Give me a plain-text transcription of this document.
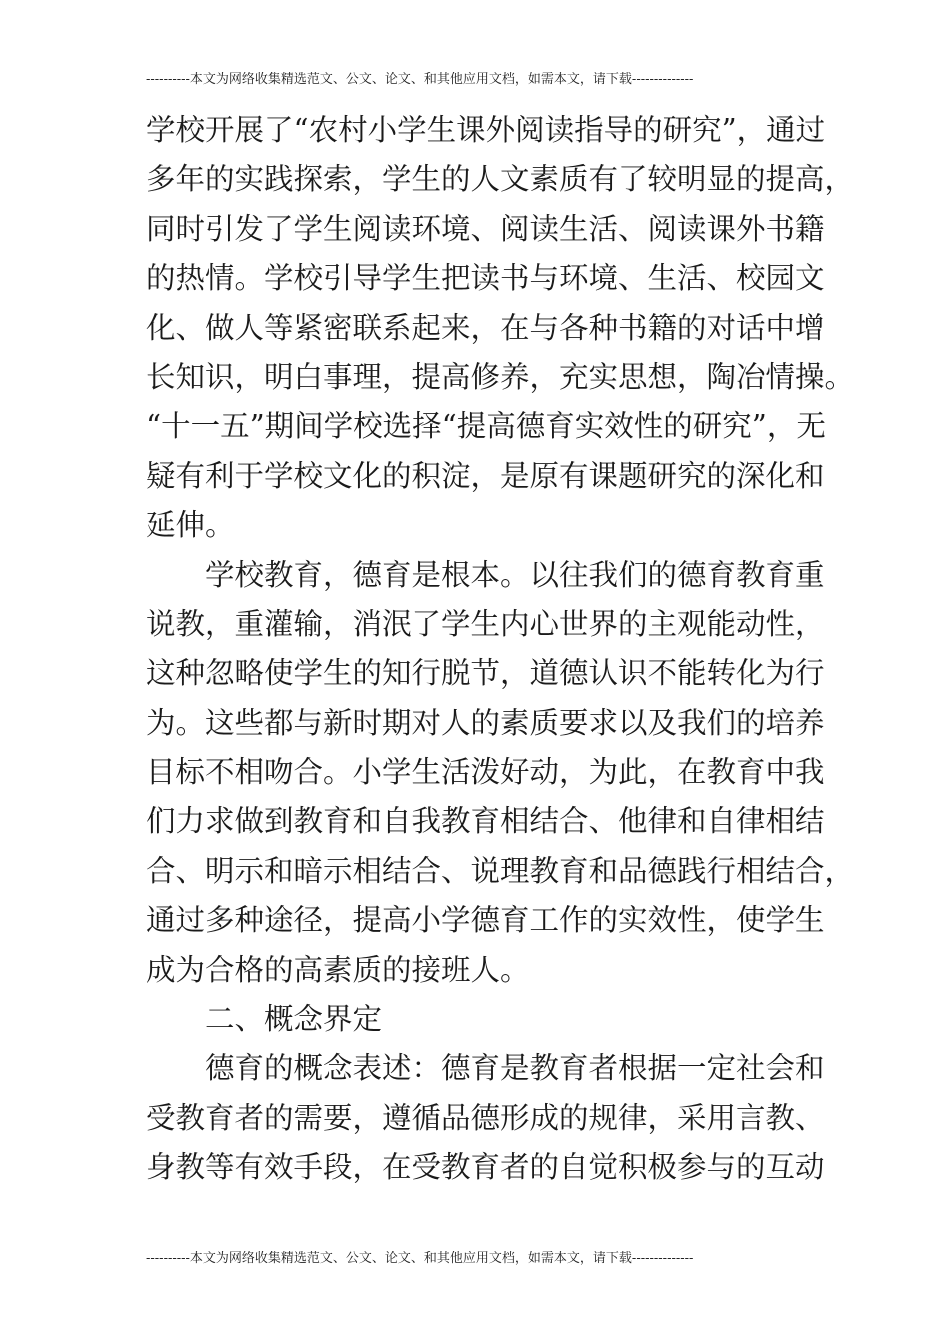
----------本文为网络收集精选范文、公文、论文、和其他应用文档，如需本文，请下载--------------
学校开展了“农村小学生课外阅读指导的研究”，通过
多年的实践探索，学生的人文素质有了较明显的提高，
同时引发了学生阅读环境、阅读生活、阅读课外书籍
的热情。学校引导学生把读书与环境、生活、校园文
化、做人等紧密联系起来，在与各种书籍的对话中增
长知识，明白事理，提高修养，充实思想，陶冶情操。
“十一五”期间学校选择“提高德育实效性的研究”，无
疑有利于学校文化的积淀，是原有课题研究的深化和
延伸。
学校教育，德育是根本。以往我们的德育教育重
说教，重灌输，消泯了学生内心世界的主观能动性，
这种忽略使学生的知行脱节，道德认识不能转化为行
为。这些都与新时期对人的素质要求以及我们的培养
目标不相吻合。小学生活泼好动，为此，在教育中我
们力求做到教育和自我教育相结合、他律和自律相结
合、明示和暗示相结合、说理教育和品德践行相结合，
通过多种途径，提高小学德育工作的实效性，使学生
成为合格的高素质的接班人。
二、概念界定
德育的概念表述：德育是教育者根据一定社会和
受教育者的需要，遵循品德形成的规律，采用言教、
身教等有效手段，在受教育者的自觉积极参与的互动
----------本文为网络收集精选范文、公文、论文、和其他应用文档，如需本文，请下载--------------
